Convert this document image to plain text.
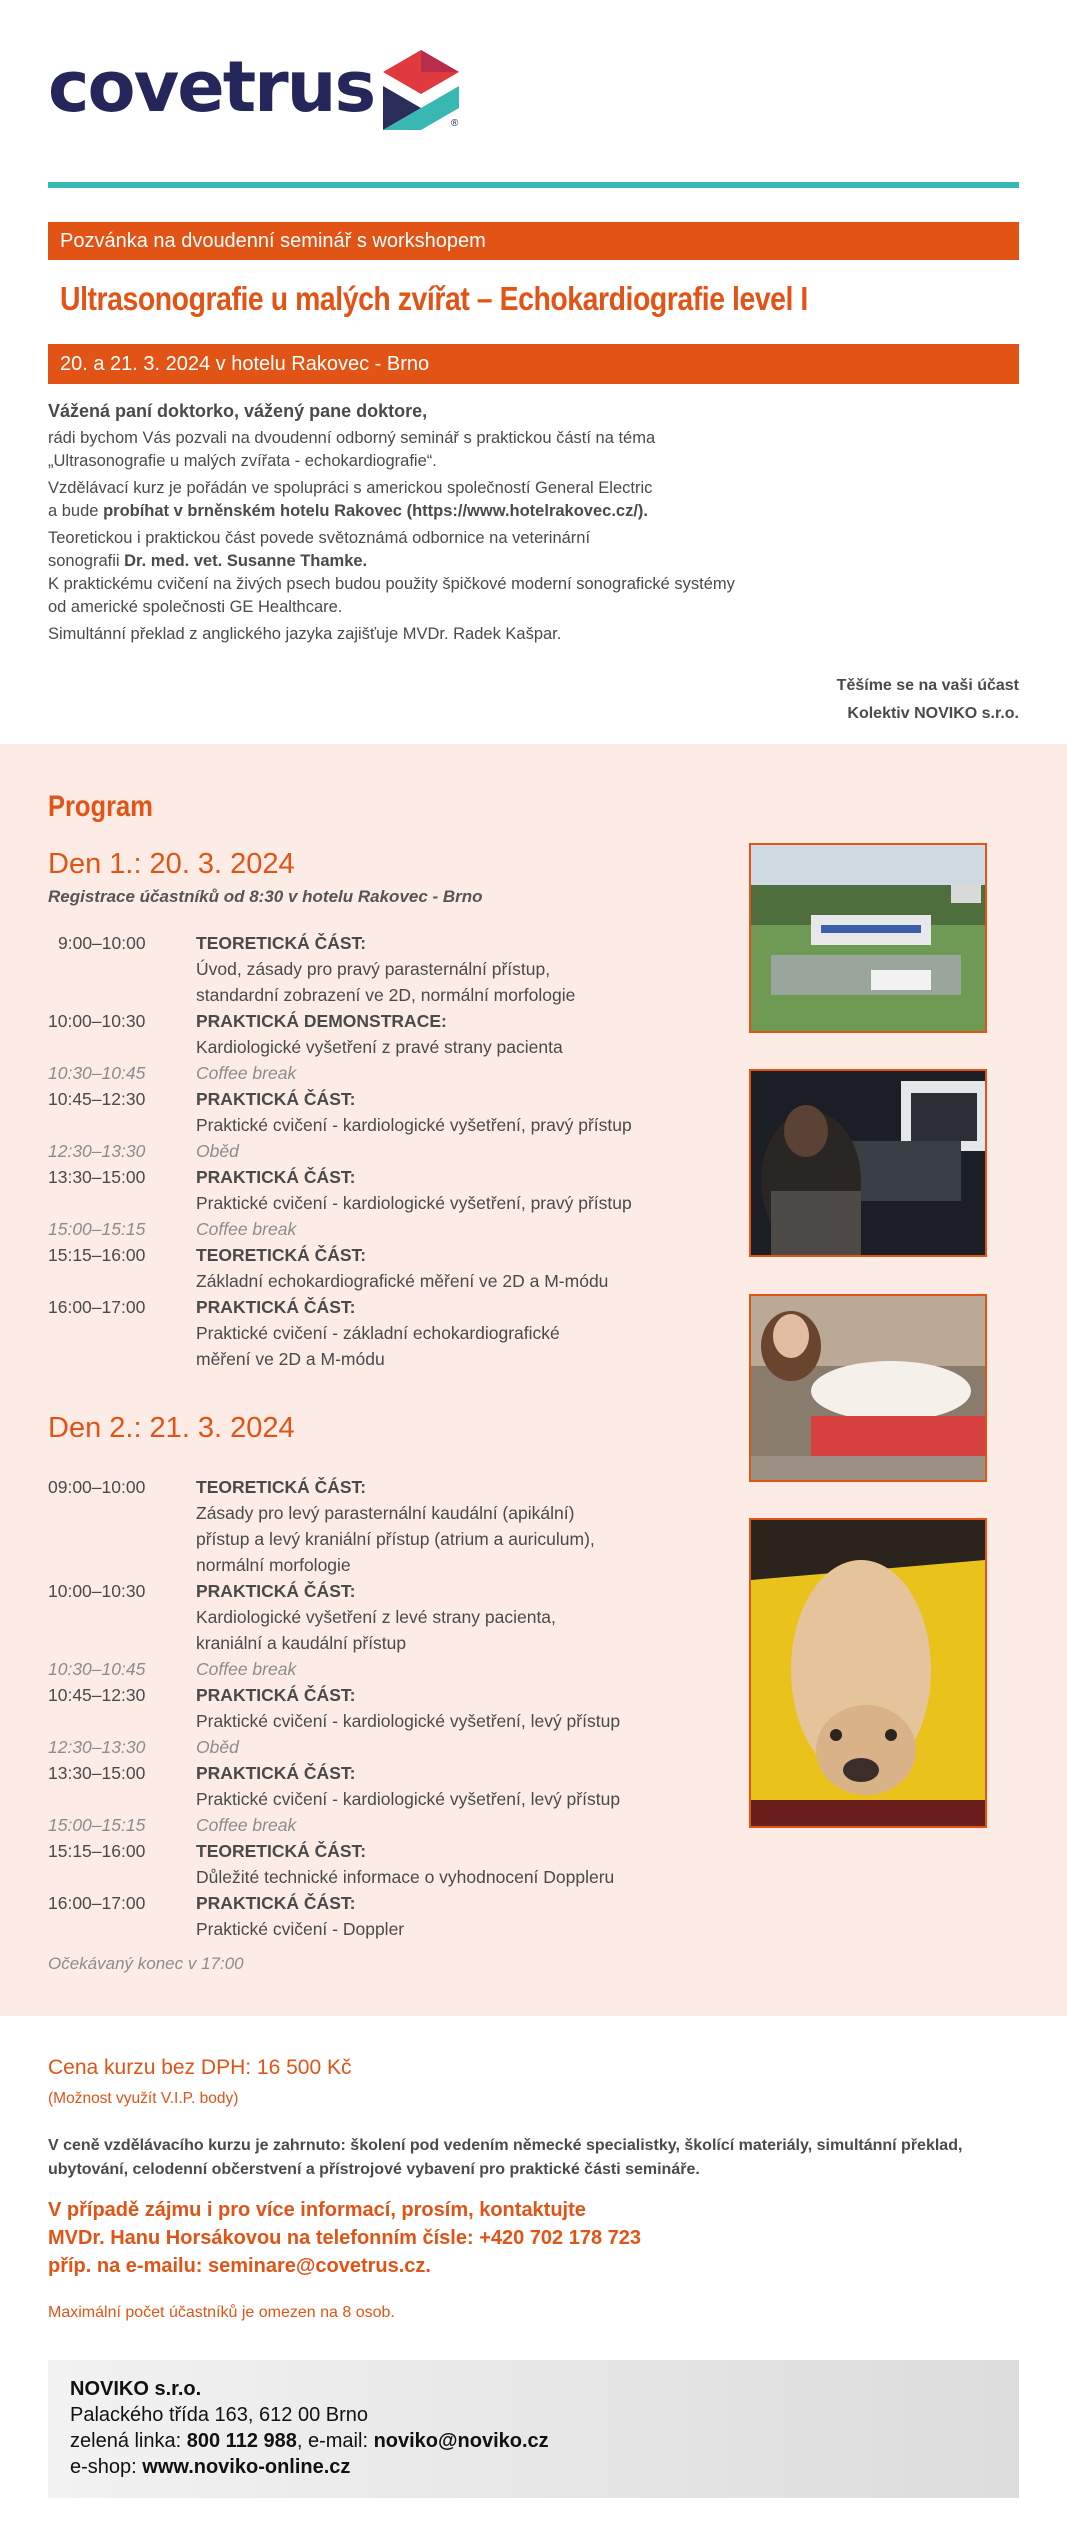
covetrus	®
Pozvánka na dvoudenní seminář s workshopem
Ultrasonografie u malých zvířat – Echokardiografie level I
20. a 21. 3. 2024 v hotelu Rakovec - Brno

Vážená paní doktorko, vážený pane doktore,

rádi bychom Vás pozvali na dvoudenní odborný seminář s praktickou částí na téma

„Ultrasonografie u malých zvířata - echokardiografie“.

Vzdělávací kurz je pořádán ve spolupráci s americkou společností General Electric

a bude probíhat v brněnském hotelu Rakovec (https://www.hotelrakovec.cz/).

Teoretickou i praktickou část povede světoznámá odbornice na veterinární

sonografii Dr. med. vet. Susanne Thamke.

K praktickému cvičení na živých psech budou použity špičkové moderní sonografické systémy

od americké společnosti GE Healthcare.

Simultánní překlad z anglického jazyka zajišťuje MVDr. Radek Kašpar.

Těšíme se na vaši účast
Kolektiv NOVIKO s.r.o.
Program
Den 1.: 20. 3. 2024
Registrace účastníků od 8:30 v hotelu Rakovec - Brno
9:00–10:00	TEORETICKÁ ČÁST:
Úvod, zásady pro pravý parasternální přístup, standardní zobrazení ve 2D, normální morfologie
10:00–10:30	PRAKTICKÁ DEMONSTRACE:
Kardiologické vyšetření z pravé strany pacienta
10:30–10:45	Coffee break
10:45–12:30	PRAKTICKÁ ČÁST:
Praktické cvičení - kardiologické vyšetření, pravý přístup
12:30–13:30	Oběd
13:30–15:00	PRAKTICKÁ ČÁST:
Praktické cvičení - kardiologické vyšetření, pravý přístup
15:00–15:15	Coffee break
15:15–16:00	TEORETICKÁ ČÁST:
Základní echokardiografické měření ve 2D a M-módu
16:00–17:00	PRAKTICKÁ ČÁST:
Praktické cvičení - základní echokardiografické měření ve 2D a M-módu
Den 2.: 21. 3. 2024
09:00–10:00	TEORETICKÁ ČÁST:
Zásady pro levý parasternální kaudální (apikální) přístup a levý kraniální přístup (atrium a auriculum), normální morfologie
10:00–10:30	PRAKTICKÁ ČÁST:
Kardiologické vyšetření z levé strany pacienta, kraniální a kaudální přístup
10:30–10:45	Coffee break
10:45–12:30	PRAKTICKÁ ČÁST:
Praktické cvičení - kardiologické vyšetření, levý přístup
12:30–13:30	Oběd
13:30–15:00	PRAKTICKÁ ČÁST:
Praktické cvičení - kardiologické vyšetření, levý přístup
15:00–15:15	Coffee break
15:15–16:00	TEORETICKÁ ČÁST:
Důležité technické informace o vyhodnocení Doppleru
16:00–17:00	PRAKTICKÁ ČÁST:
Praktické cvičení - Doppler
Očekávaný konec v 17:00
Cena kurzu bez DPH: 16 500 Kč
(Možnost využít V.I.P. body)
V ceně vzdělávacího kurzu je zahrnuto: školení pod vedením německé specialistky, školící materiály, simultánní překlad, ubytování, celodenní občerstvení a přístrojové vybavení pro praktické části semináře.

V případě zájmu i pro více informací, prosím, kontaktujte

MVDr. Hanu Horsákovou na telefonním čísle: +420 702 178 723

příp. na e-mailu: seminare@covetrus.cz.

Maximální počet účastníků je omezen na 8 osob.

NOVIKO s.r.o.

Palackého třída 163, 612 00 Brno

zelená linka: 800 112 988, e-mail: noviko@noviko.cz

e-shop: www.noviko-online.cz
